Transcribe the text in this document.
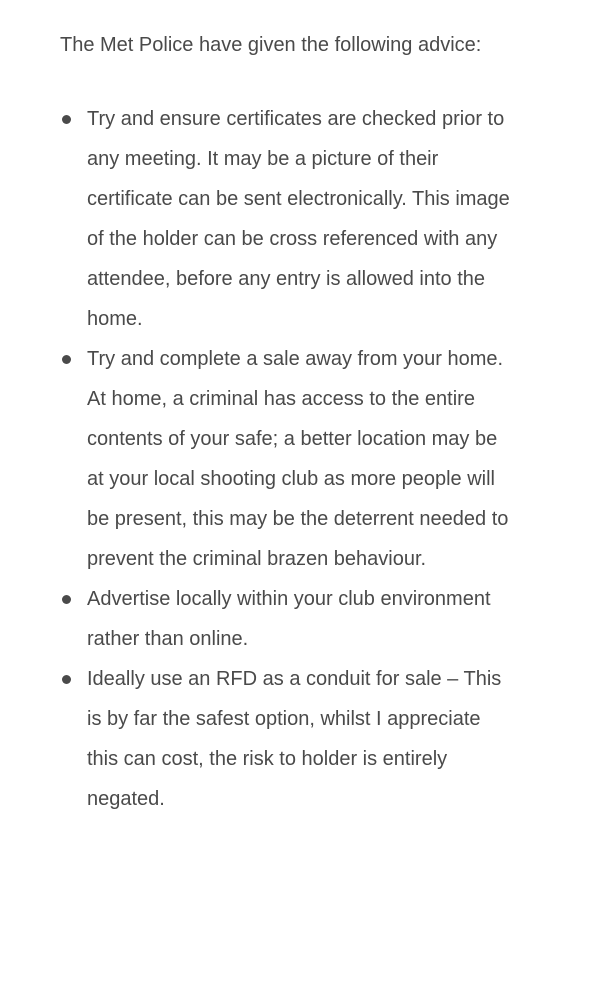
The Met Police have given the following advice:

Try and ensure certificates are checked prior to any meeting. It may be a picture of their certificate can be sent electronically. This image of the holder can be cross referenced with any attendee, before any entry is allowed into the home.
Try and complete a sale away from your home. At home, a criminal has access to the entire contents of your safe; a better location may be at your local shooting club as more people will be present, this may be the deterrent needed to prevent the criminal brazen behaviour.
Advertise locally within your club environment rather than online.
Ideally use an RFD as a conduit for sale – This is by far the safest option, whilst I appreciate this can cost, the risk to holder is entirely negated.
